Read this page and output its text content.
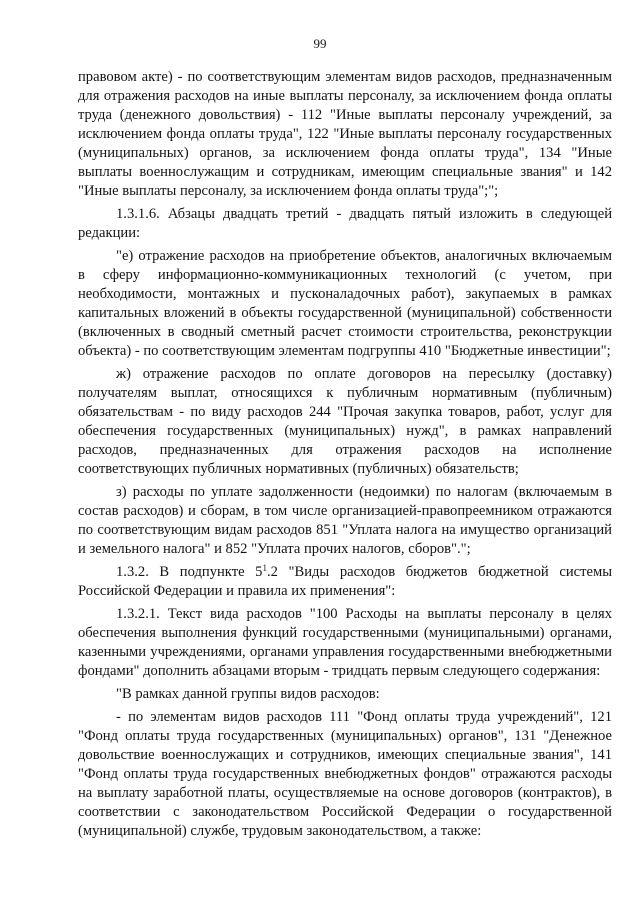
99

правовом акте) - по соответствующим элементам видов расходов, предназначенным для отражения расходов на иные выплаты персоналу, за исключением фонда оплаты труда (денежного довольствия) - 112 "Иные выплаты персоналу учреждений, за исключением фонда оплаты труда", 122 "Иные выплаты персоналу государственных (муниципальных) органов, за исключением фонда оплаты труда", 134 "Иные выплаты военнослужащим и сотрудникам, имеющим специальные звания" и 142 "Иные выплаты персоналу, за исключением фонда оплаты труда";";

1.3.1.6. Абзацы двадцать третий - двадцать пятый изложить в следующей редакции:

"е) отражение расходов на приобретение объектов, аналогичных включаемым в сферу информационно-коммуникационных технологий (с учетом, при необходимости, монтажных и пусконаладочных работ), закупаемых в рамках капитальных вложений в объекты государственной (муниципальной) собственности (включенных в сводный сметный расчет стоимости строительства, реконструкции объекта) - по соответствующим элементам подгруппы 410 "Бюджетные инвестиции";

ж) отражение расходов по оплате договоров на пересылку (доставку) получателям выплат, относящихся к публичным нормативным (публичным) обязательствам - по виду расходов 244 "Прочая закупка товаров, работ, услуг для обеспечения государственных (муниципальных) нужд", в рамках направлений расходов, предназначенных для отражения расходов на исполнение соответствующих публичных нормативных (публичных) обязательств;

з) расходы по уплате задолженности (недоимки) по налогам (включаемым в состав расходов) и сборам, в том числе организацией-правопреемником отражаются по соответствующим видам расходов 851 "Уплата налога на имущество организаций и земельного налога" и 852 "Уплата прочих налогов, сборов".";

1.3.2. В подпункте $5^1.2$ "Виды расходов бюджетов бюджетной системы Российской Федерации и правила их применения":

1.3.2.1. Текст вида расходов "100 Расходы на выплаты персоналу в целях обеспечения выполнения функций государственными (муниципальными) органами, казенными учреждениями, органами управления государственными внебюджетными фондами" дополнить абзацами вторым - тридцать первым следующего содержания:

"В рамках данной группы видов расходов:

- по элементам видов расходов 111 "Фонд оплаты труда учреждений", 121 "Фонд оплаты труда государственных (муниципальных) органов", 131 "Денежное довольствие военнослужащих и сотрудников, имеющих специальные звания", 141 "Фонд оплаты труда государственных внебюджетных фондов" отражаются расходы на выплату заработной платы, осуществляемые на основе договоров (контрактов), в соответствии с законодательством Российской Федерации о государственной (муниципальной) службе, трудовым законодательством, а также:
